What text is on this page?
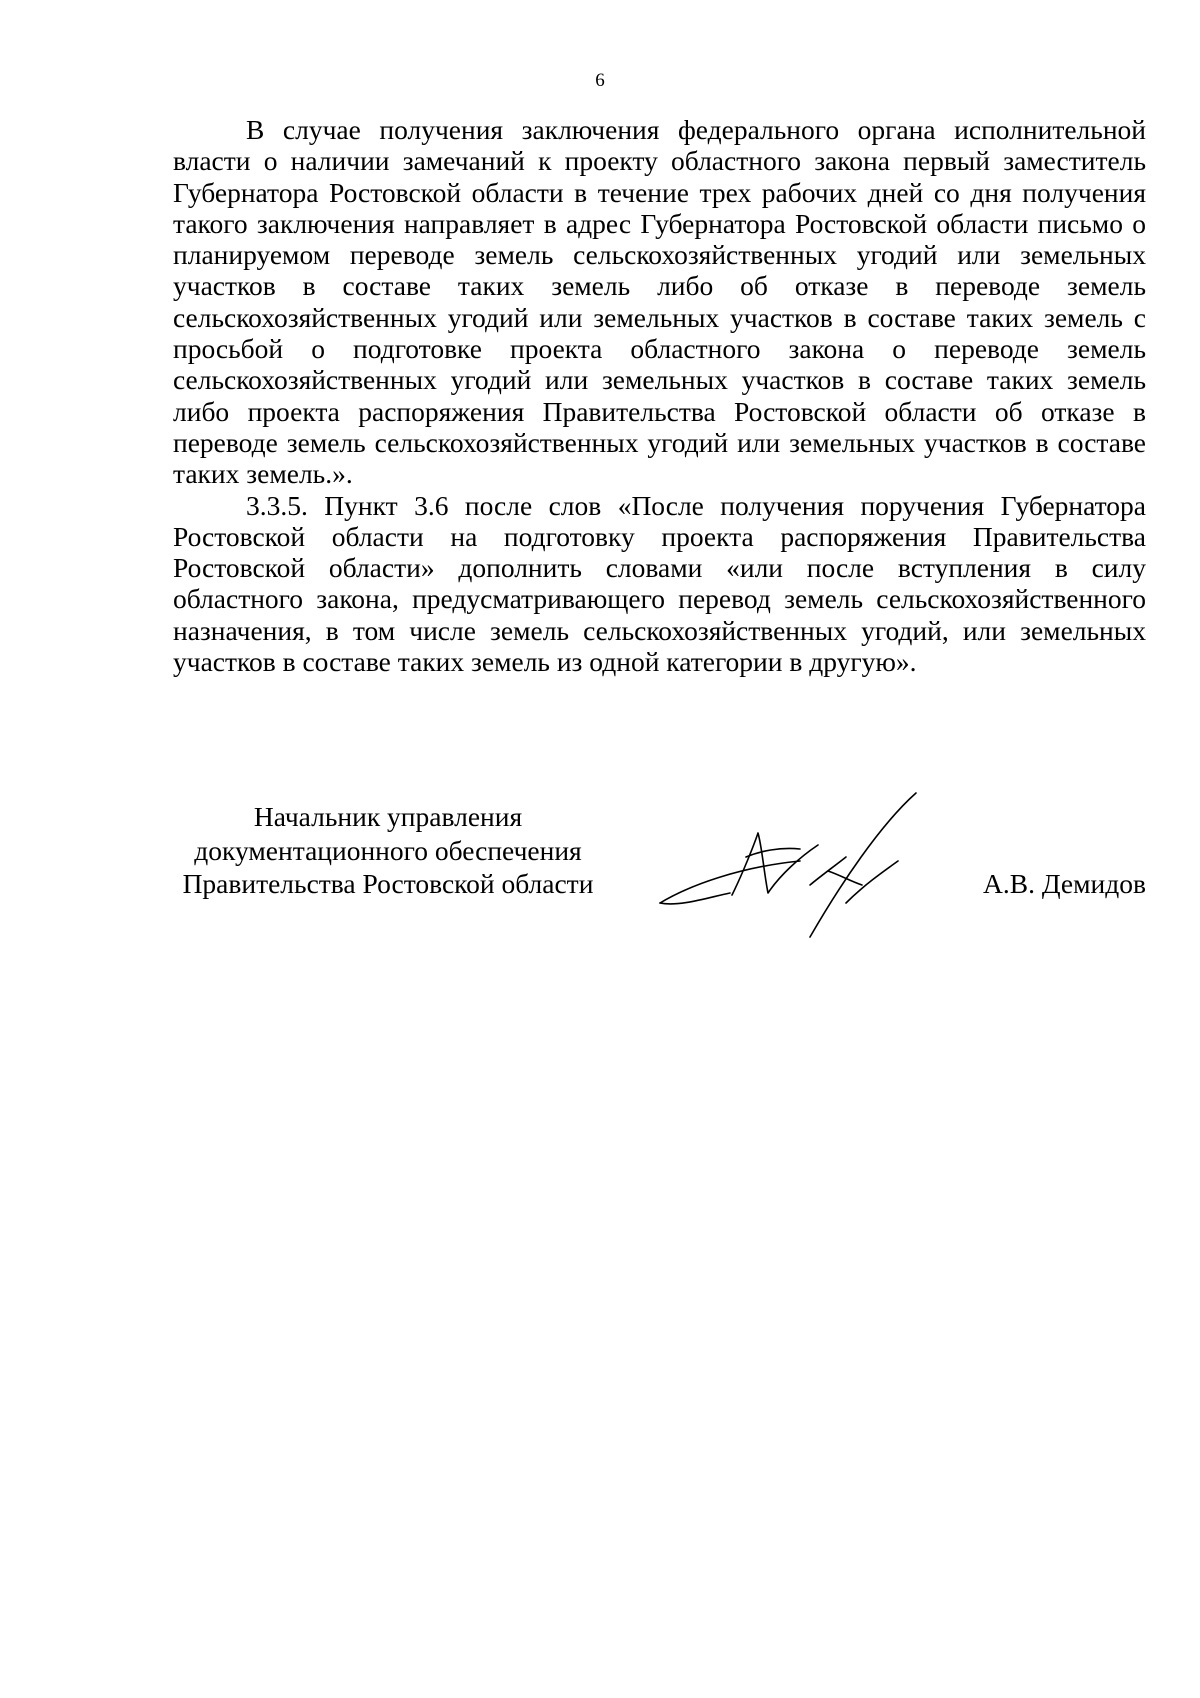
6

В случае получения заключения федерального органа исполнительной власти о наличии замечаний к проекту областного закона первый заместитель Губернатора Ростовской области в течение трех рабочих дней со дня получения такого заключения направляет в адрес Губернатора Ростовской области письмо о планируемом переводе земель сельскохозяйственных угодий или земельных участков в составе таких земель либо об отказе в переводе земель сельскохозяйственных угодий или земельных участков в составе таких земель с просьбой о подготовке проекта областного закона о переводе земель сельскохозяйственных угодий или земельных участков в составе таких земель либо проекта распоряжения Правительства Ростовской области об отказе в переводе земель сельскохозяйственных угодий или земельных участков в составе таких земель.».

3.3.5. Пункт 3.6 после слов «После получения поручения Губернатора Ростовской области на подготовку проекта распоряжения Правительства Ростовской области» дополнить словами «или после вступления в силу областного закона, предусматривающего перевод земель сельскохозяйственного назначения, в том числе земель сельскохозяйственных угодий, или земельных участков в составе таких земель из одной категории в другую».

Начальник управления
документационного обеспечения
Правительства Ростовской области	А.В. Демидов
